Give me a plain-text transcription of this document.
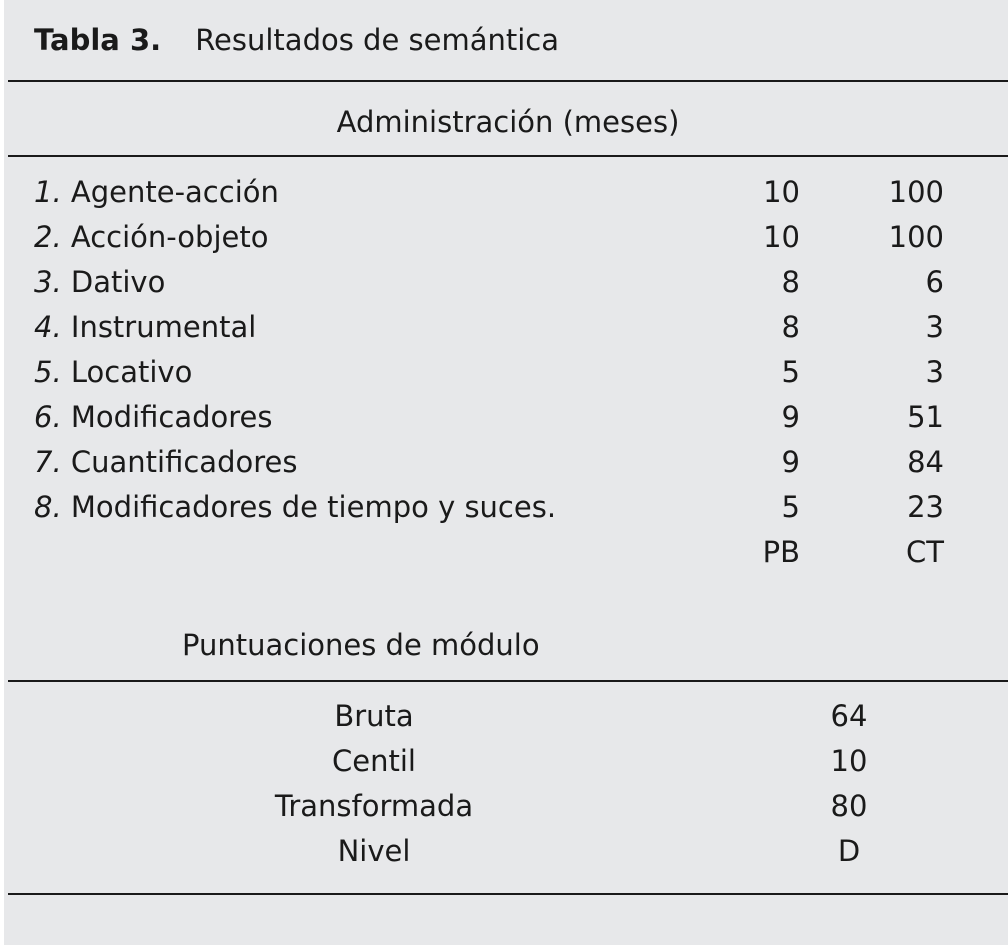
Tabla 3. Resultados de semántica
Administración (meses)
1. Agente-acción	10	100
2. Acción-objeto	10	100
3. Dativo	8	6
4. Instrumental	8	3
5. Locativo	5	3
6. Modificadores	9	51
7. Cuantificadores	9	84
8. Modificadores de tiempo y suces.	5	23
PB	CT
Puntuaciones de módulo
Bruta	64
Centil	10
Transformada	80
Nivel	D
